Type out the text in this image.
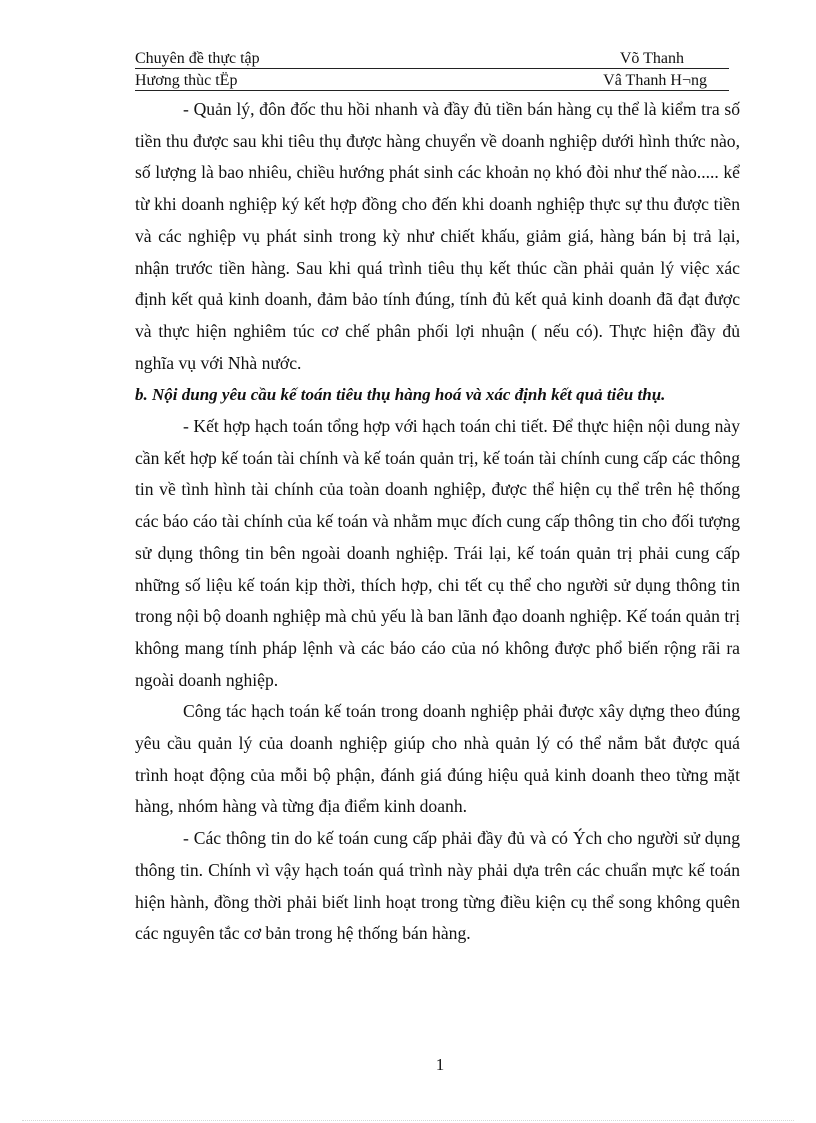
Chuyên đề thực tập	Võ Thanh
Hương thùc tËp	Vâ Thanh H¬ng

- Quản lý, đôn đốc thu hồi nhanh và đầy đủ tiền bán hàng cụ thể là kiểm tra số tiền thu được sau khi tiêu thụ được hàng chuyển về doanh nghiệp dưới hình thức nào, số lượng là bao nhiêu, chiều hướng phát sinh các khoản nọ khó đòi như thế nào..... kể từ khi doanh nghiệp ký kết hợp đồng cho đến khi doanh nghiệp thực sự thu được tiền và các nghiệp vụ phát sinh trong kỳ như chiết khấu, giảm giá, hàng bán bị trả lại, nhận trước tiền hàng. Sau khi quá trình tiêu thụ kết thúc cần phải quản lý việc xác định kết quả kinh doanh, đảm bảo tính đúng, tính đủ kết quả kinh doanh đã đạt được và thực hiện nghiêm túc cơ chế phân phối lợi nhuận ( nếu có). Thực hiện đầy đủ nghĩa vụ với Nhà nước.

b. Nội dung yêu cầu kế toán tiêu thụ hàng hoá và xác định kết quả tiêu thụ.

- Kết hợp hạch toán tổng hợp với hạch toán chi tiết. Để thực hiện nội dung này cần kết hợp kế toán tài chính và kế toán quản trị, kế toán tài chính cung cấp các thông tin về tình hình tài chính của toàn doanh nghiệp, được thể hiện cụ thể trên hệ thống các báo cáo tài chính của kế toán và nhằm mục đích cung cấp thông tin cho đối tượng sử dụng thông tin bên ngoài doanh nghiệp. Trái lại, kế toán quản trị phải cung cấp những số liệu kế toán kịp thời, thích hợp, chi tết cụ thể cho người sử dụng thông tin trong nội bộ doanh nghiệp mà chủ yếu là ban lãnh đạo doanh nghiệp. Kế toán quản trị không mang tính pháp lệnh và các báo cáo của nó không được phổ biến rộng rãi ra ngoài doanh nghiệp.

Công tác hạch toán kế toán trong doanh nghiệp phải được xây dựng theo đúng yêu cầu quản lý của doanh nghiệp giúp cho nhà quản lý có thể nắm bắt được quá trình hoạt động của mỗi bộ phận, đánh giá đúng hiệu quả kinh doanh theo từng mặt hàng, nhóm hàng và từng địa điểm kinh doanh.

- Các thông tin do kế toán cung cấp phải đầy đủ và có Ých cho người sử dụng thông tin. Chính vì vậy hạch toán quá trình này phải dựa trên các chuẩn mực kế toán hiện hành, đồng thời phải biết linh hoạt trong từng điều kiện cụ thể song không quên các nguyên tắc cơ bản trong hệ thống bán hàng.

1
